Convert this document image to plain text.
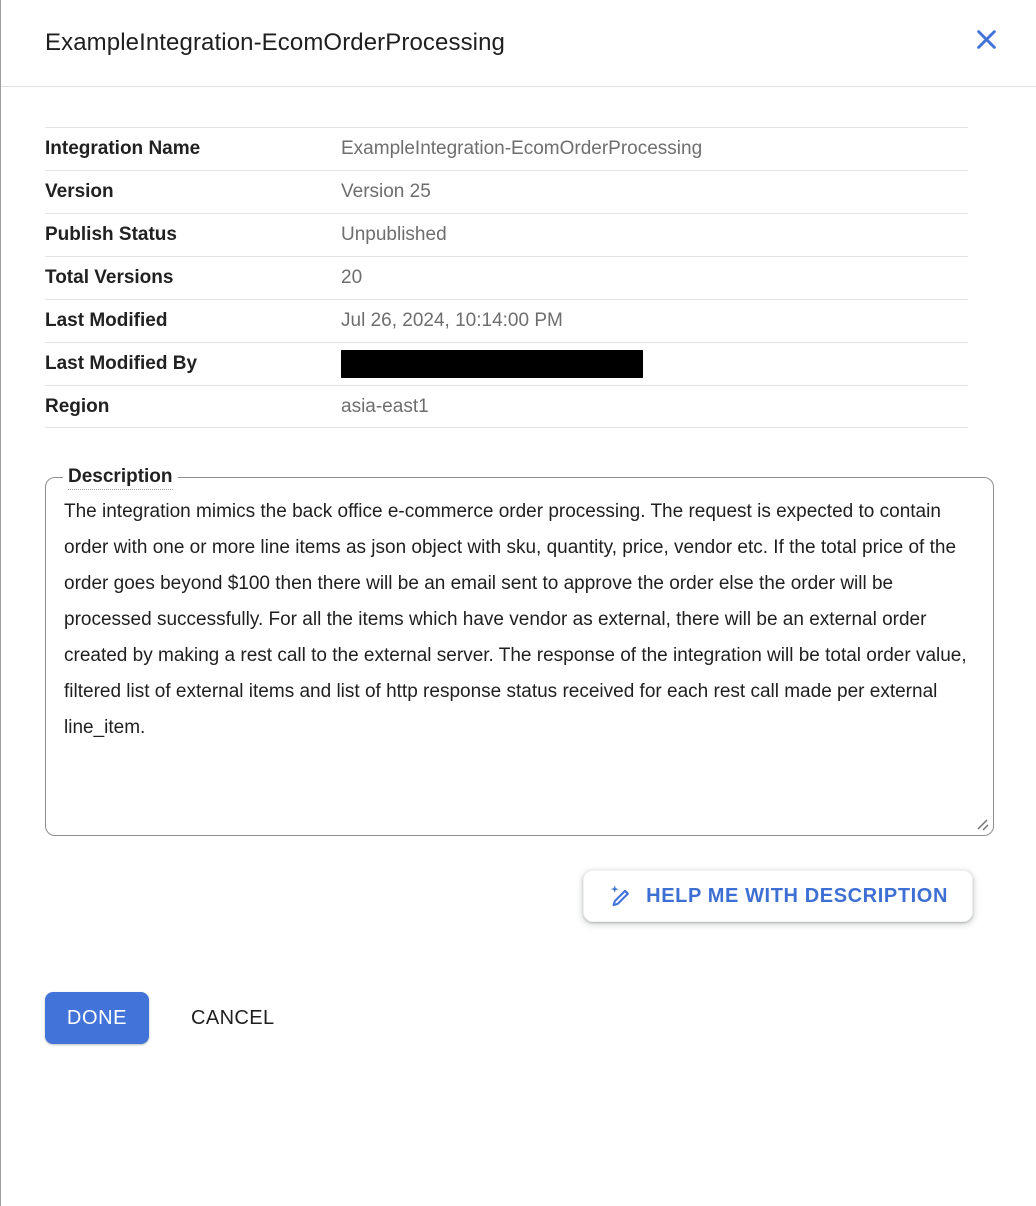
ExampleIntegration-EcomOrderProcessing
Integration Name	ExampleIntegration-EcomOrderProcessing
Version	Version 25
Publish Status	Unpublished
Total Versions	20
Last Modified	Jul 26, 2024, 10:14:00 PM
Last Modified By
Region	asia-east1
Description
The integration mimics the back office e-commerce order processing. The request is expected to contain order with one or more line items as json object with sku, quantity, price, vendor etc. If the total price of the order goes beyond $100 then there will be an email sent to approve the order else the order will be processed successfully. For all the items which have vendor as external, there will be an external order created by making a rest call to the external server. The response of the integration will be total order value, filtered list of external items and list of http response status received for each rest call made per external line_item.
HELP ME WITH DESCRIPTION
DONE	CANCEL
